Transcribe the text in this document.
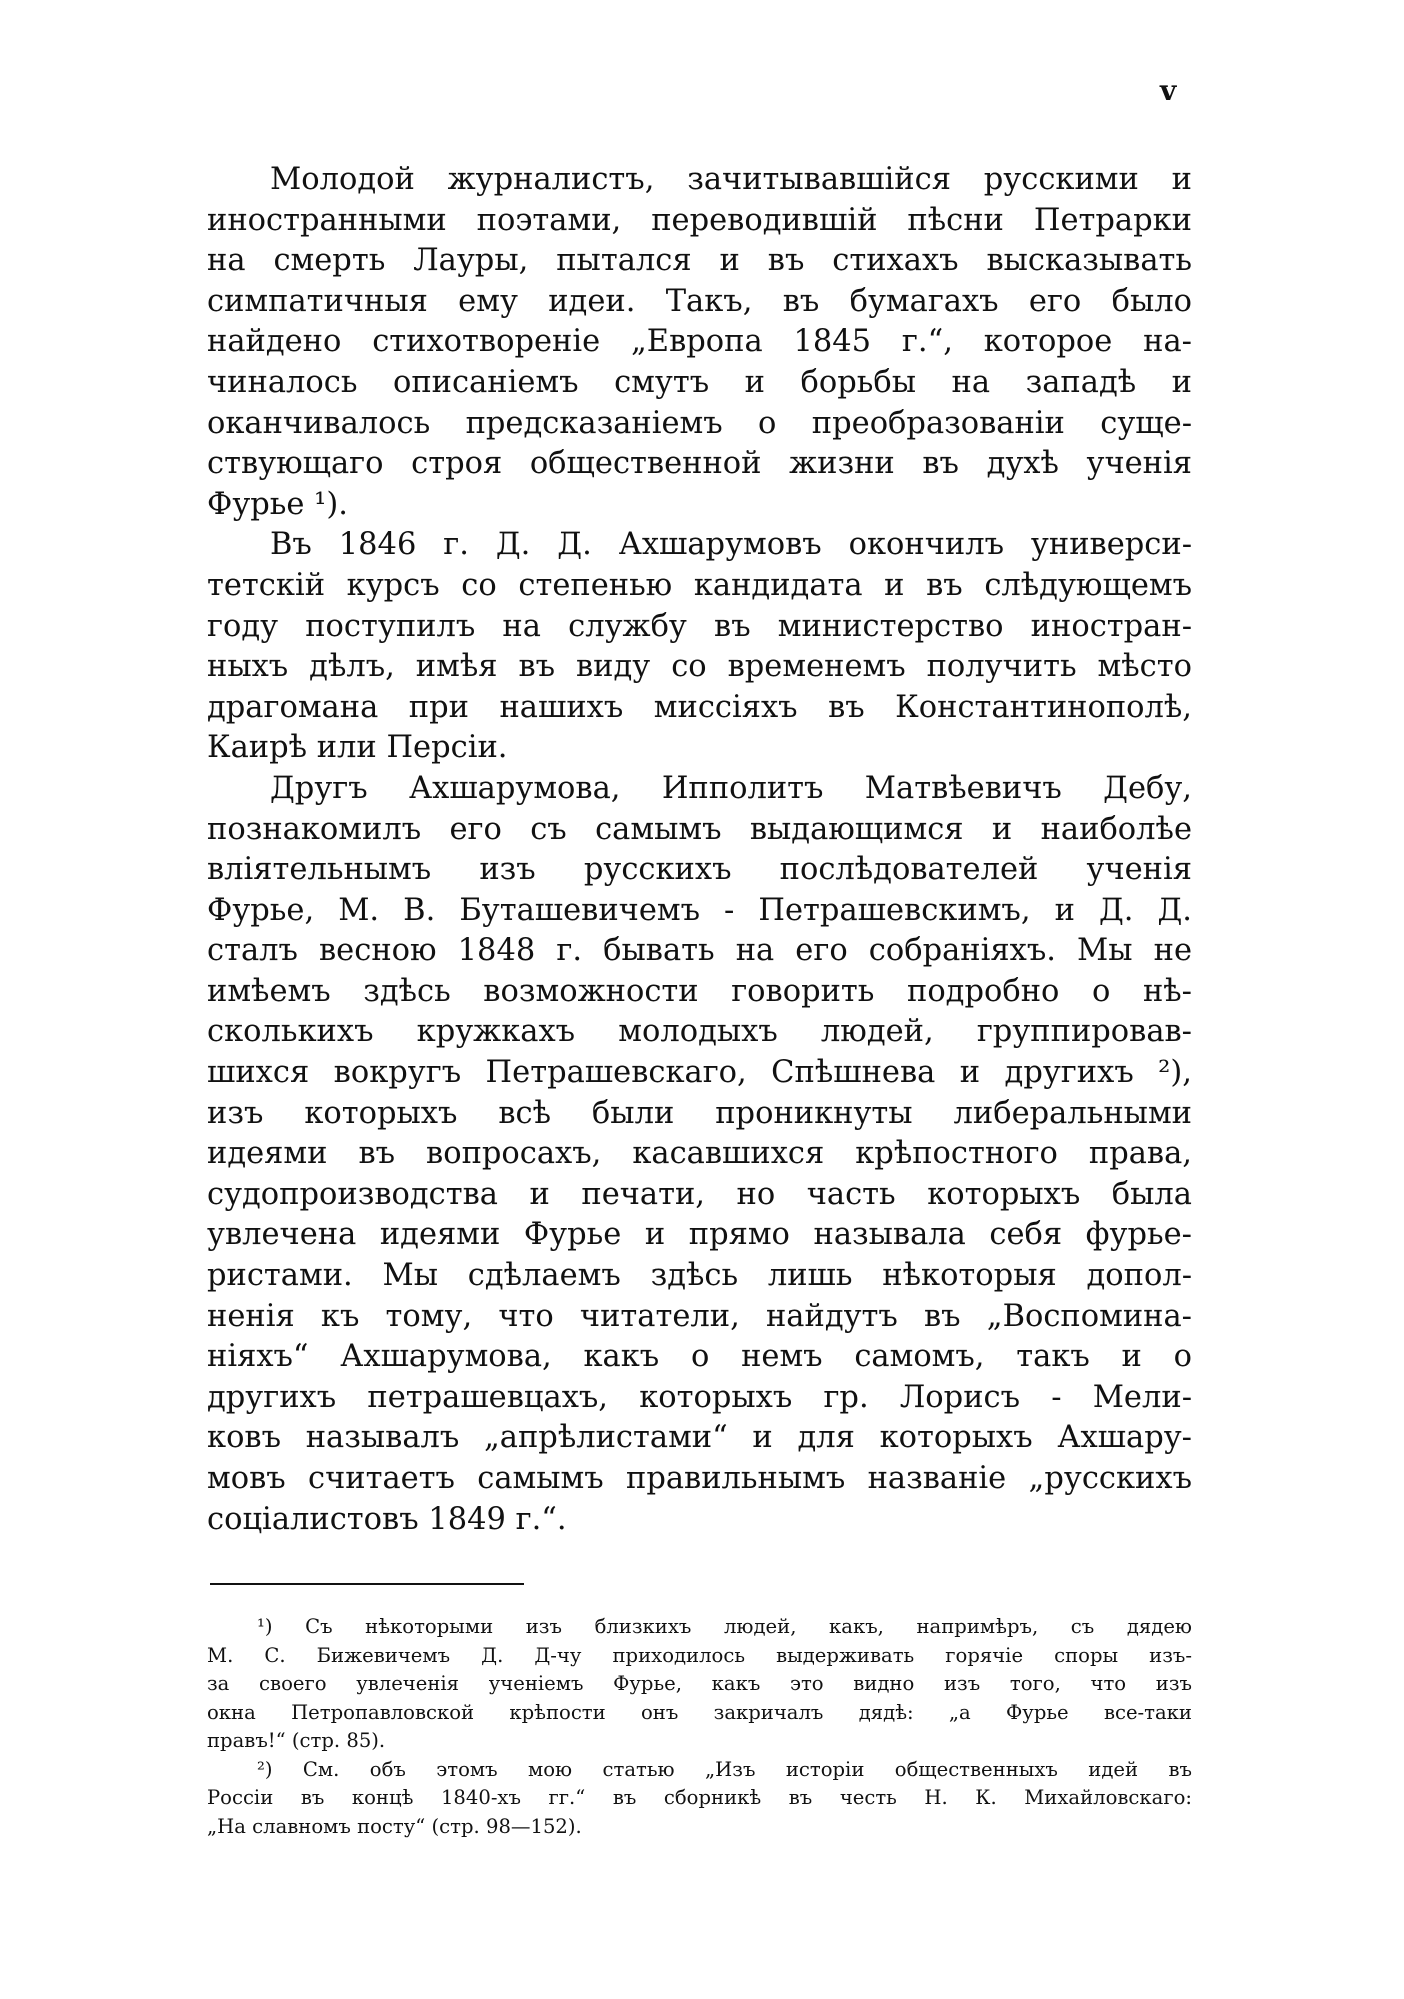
v
Молодой журналистъ, зачитывавшійся русскими и
иностранными поэтами, переводившій пѣсни Петрарки
на смерть Лауры, пытался и въ стихахъ высказывать
симпатичныя ему идеи. Такъ, въ бумагахъ его было
найдено стихотвореніе „Европа 1845 г.“, которое на-
чиналось описаніемъ смутъ и борьбы на западѣ и
оканчивалось предсказаніемъ о преобразованіи суще-
ствующаго строя общественной жизни въ духѣ ученія
Фурье ¹).
Въ 1846 г. Д. Д. Ахшарумовъ окончилъ универси-
тетскій курсъ со степенью кандидата и въ слѣдующемъ
году поступилъ на службу въ министерство иностран-
ныхъ дѣлъ, имѣя въ виду со временемъ получить мѣсто
драгомана при нашихъ миссіяхъ въ Константинополѣ,
Каирѣ или Персіи.
Другъ Ахшарумова, Ипполитъ Матвѣевичъ Дебу,
познакомилъ его съ самымъ выдающимся и наиболѣе
вліятельнымъ изъ русскихъ послѣдователей ученія
Фурье, М. В. Буташевичемъ - Петрашевскимъ, и Д. Д.
сталъ весною 1848 г. бывать на его собраніяхъ. Мы не
имѣемъ здѣсь возможности говорить подробно о нѣ-
сколькихъ кружкахъ молодыхъ людей, группировав-
шихся вокругъ Петрашевскаго, Спѣшнева и другихъ ²),
изъ которыхъ всѣ были проникнуты либеральными
идеями въ вопросахъ, касавшихся крѣпостного права,
судопроизводства и печати, но часть которыхъ была
увлечена идеями Фурье и прямо называла себя фурье-
ристами. Мы сдѣлаемъ здѣсь лишь нѣкоторыя допол-
ненія къ тому, что читатели, найдутъ въ „Воспомина-
ніяхъ“ Ахшарумова, какъ о немъ самомъ, такъ и о
другихъ петрашевцахъ, которыхъ гр. Лорисъ - Мели-
ковъ называлъ „апрѣлистами“ и для которыхъ Ахшару-
мовъ считаетъ самымъ правильнымъ названіе „русскихъ
соціалистовъ 1849 г.“.
¹) Съ нѣкоторыми изъ близкихъ людей, какъ, напримѣръ, съ дядею
М. С. Бижевичемъ Д. Д-чу приходилось выдерживать горячіе споры изъ-
за своего увлеченія ученіемъ Фурье, какъ это видно изъ того, что изъ
окна Петропавловской крѣпости онъ закричалъ дядѣ: „а Фурье все-таки
правъ!“ (стр. 85).
²) См. объ этомъ мою статью „Изъ исторіи общественныхъ идей въ
Россіи въ концѣ 1840-хъ гг.“ въ сборникѣ въ честь Н. К. Михайловскаго:
„На славномъ посту“ (стр. 98—152).
